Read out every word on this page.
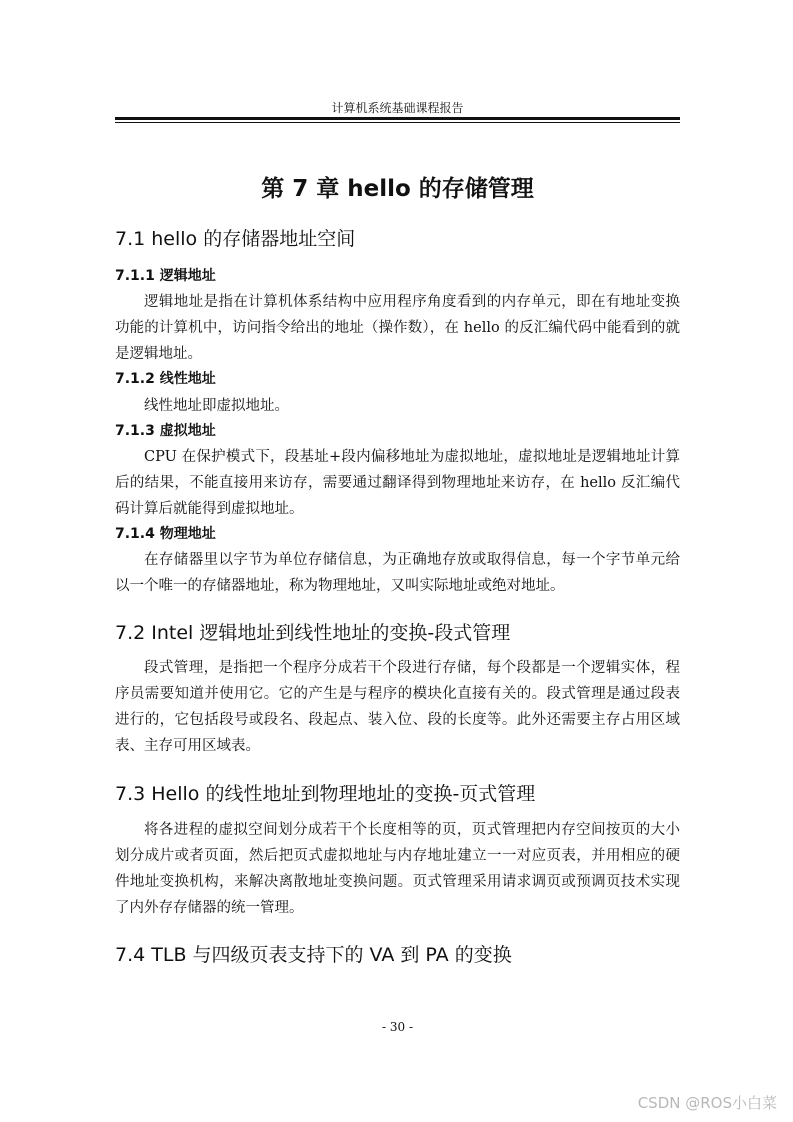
计算机系统基础课程报告
第 7 章 hello 的存储管理
7.1 hello 的存储器地址空间
7.1.1 逻辑地址

逻辑地址是指在计算机体系结构中应用程序角度看到的内存单元，即在有地址变换功能的计算机中，访问指令给出的地址（操作数），在 hello 的反汇编代码中能看到的就是逻辑地址。

7.1.2 线性地址

线性地址即虚拟地址。

7.1.3 虚拟地址

CPU 在保护模式下，段基址+段内偏移地址为虚拟地址，虚拟地址是逻辑地址计算后的结果，不能直接用来访存，需要通过翻译得到物理地址来访存，在 hello 反汇编代码计算后就能得到虚拟地址。

7.1.4 物理地址

在存储器里以字节为单位存储信息，为正确地存放或取得信息，每一个字节单元给以一个唯一的存储器地址，称为物理地址，又叫实际地址或绝对地址。

7.2 Intel 逻辑地址到线性地址的变换-段式管理

段式管理，是指把一个程序分成若干个段进行存储，每个段都是一个逻辑实体，程序员需要知道并使用它。它的产生是与程序的模块化直接有关的。段式管理是通过段表进行的，它包括段号或段名、段起点、装入位、段的长度等。此外还需要主存占用区域表、主存可用区域表。

7.3 Hello 的线性地址到物理地址的变换-页式管理

将各进程的虚拟空间划分成若干个长度相等的页，页式管理把内存空间按页的大小划分成片或者页面，然后把页式虚拟地址与内存地址建立一一对应页表，并用相应的硬件地址变换机构，来解决离散地址变换问题。页式管理采用请求调页或预调页技术实现了内外存存储器的统一管理。

7.4 TLB 与四级页表支持下的 VA 到 PA 的变换
- 30 -
CSDN @ROS小白菜
